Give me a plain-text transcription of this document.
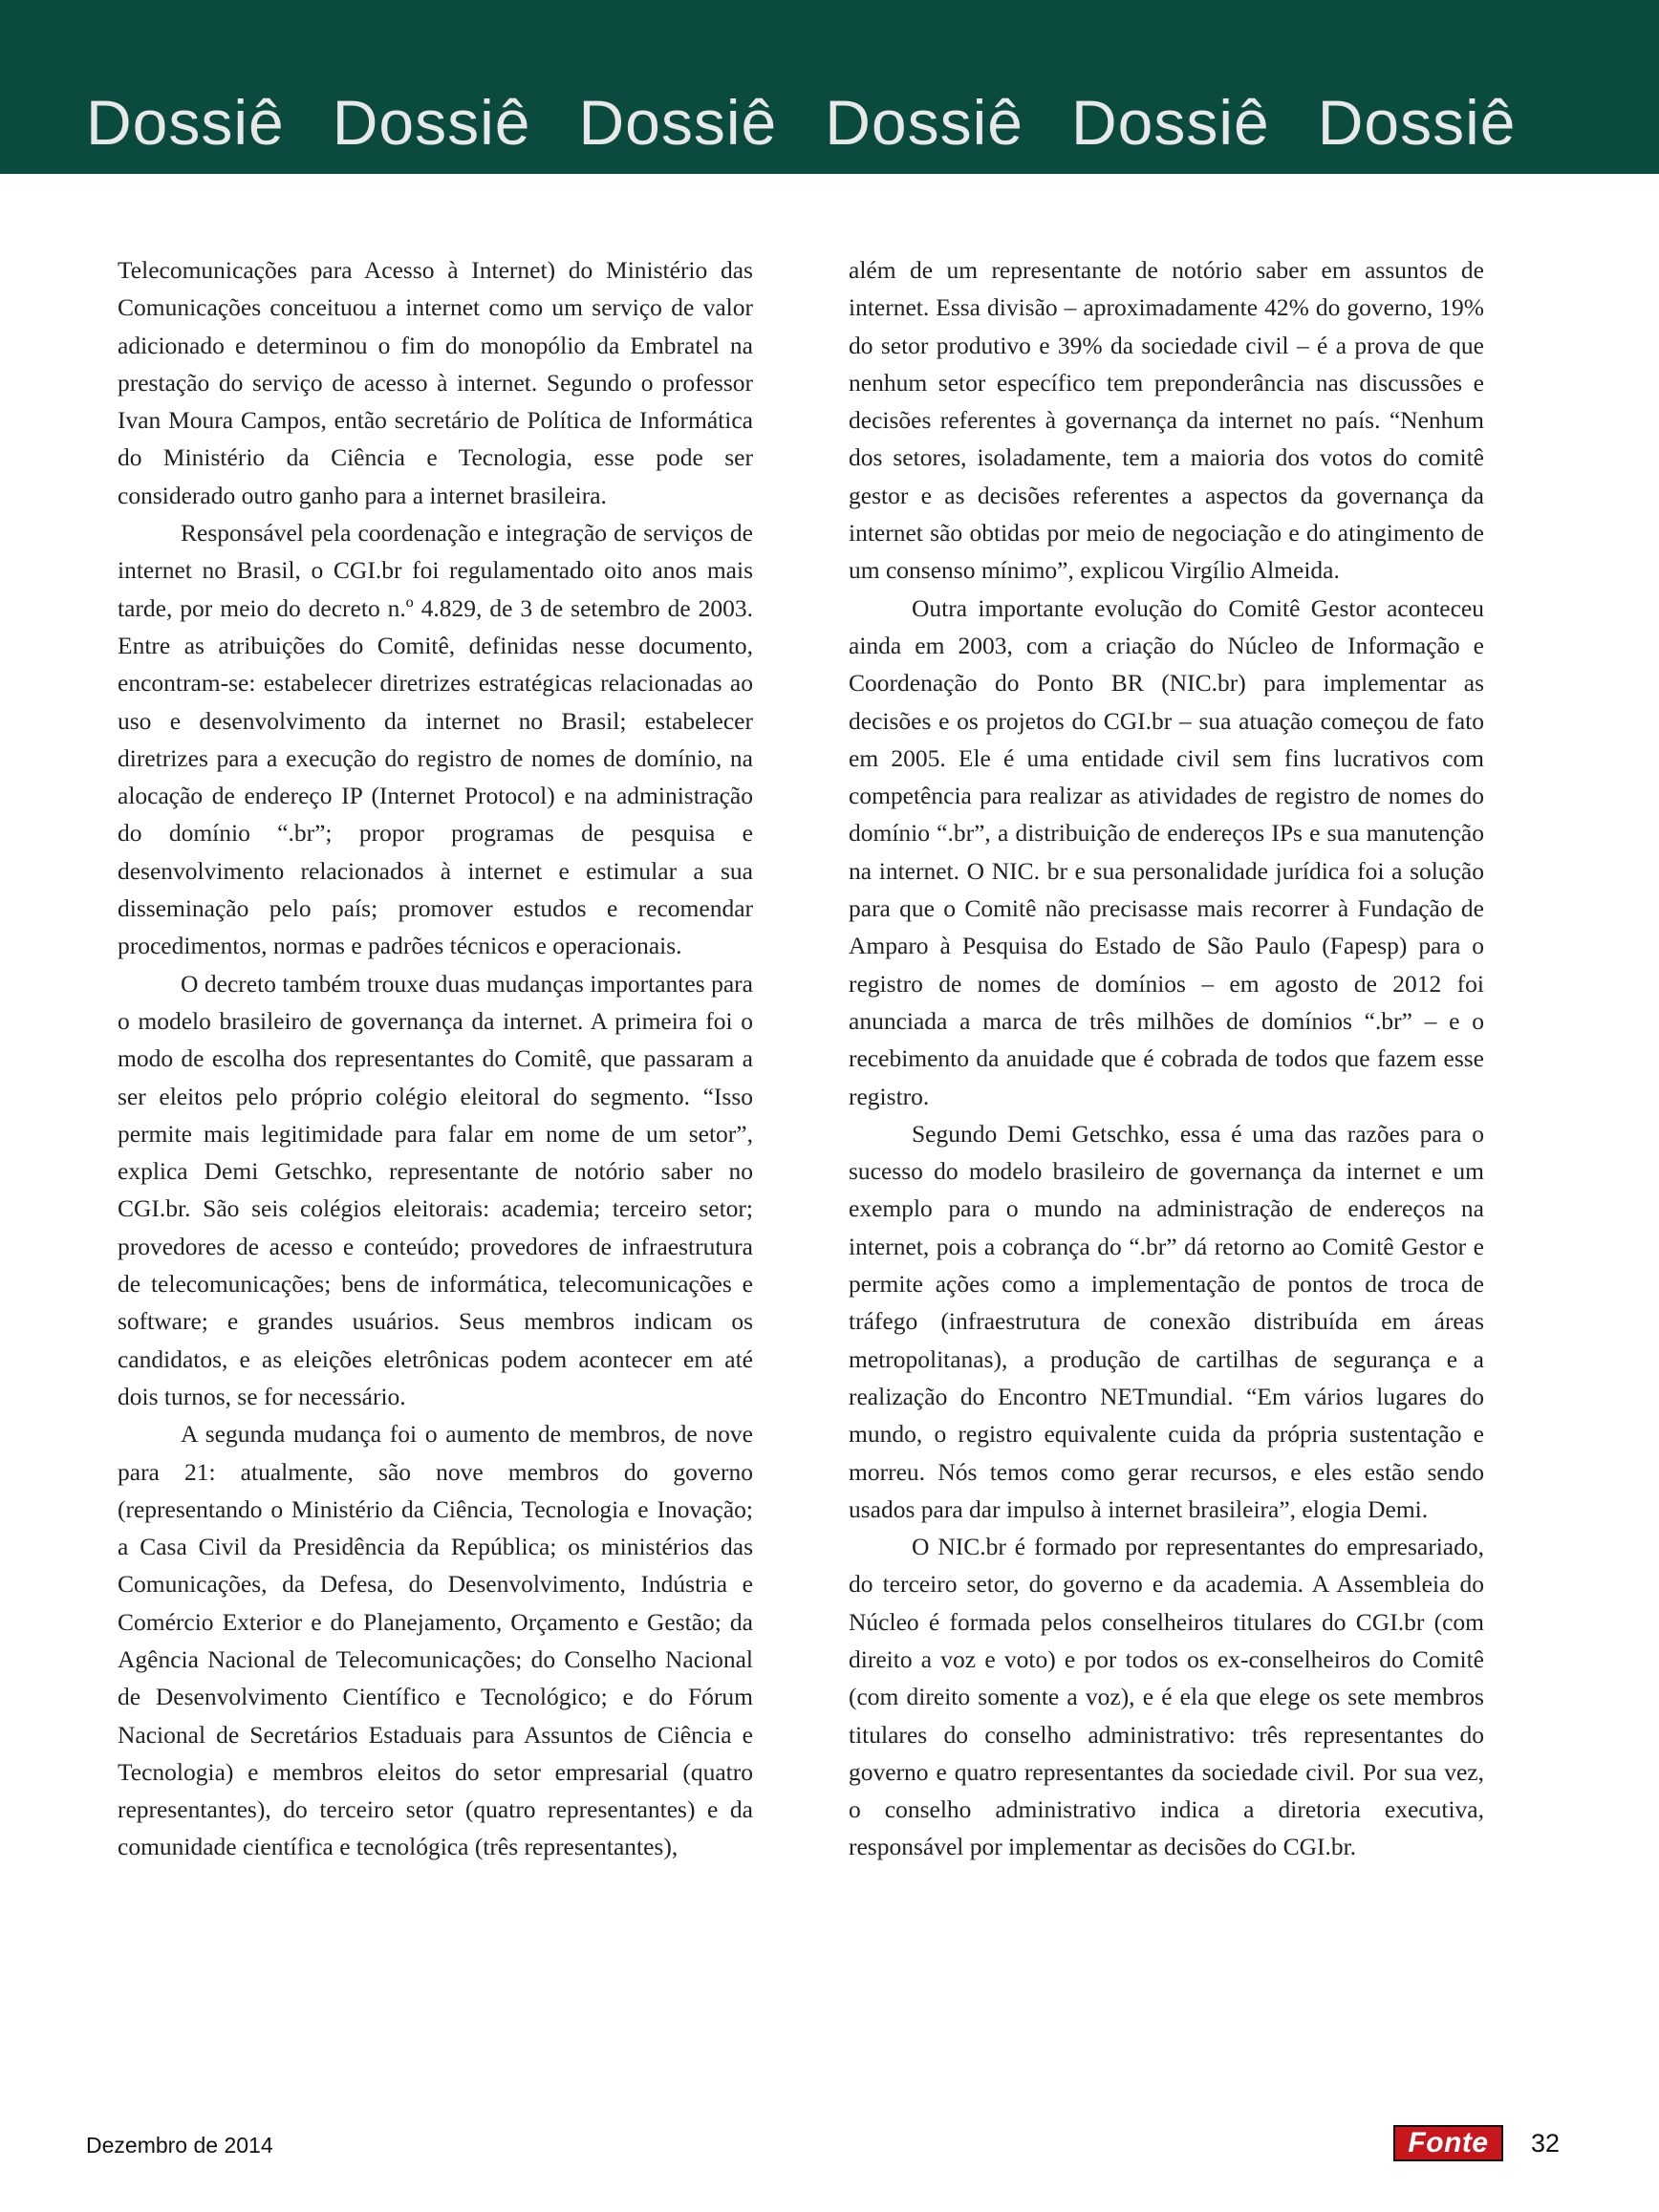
Dossiê Dossiê Dossiê Dossiê Dossiê Dossiê

Telecomunicações para Acesso à Internet) do Ministério das Comunicações conceituou a internet como um serviço de valor adicionado e determinou o fim do monopólio da Embratel na prestação do serviço de acesso à internet. Segundo o professor Ivan Moura Campos, então secretário de Política de Informática do Ministério da Ciência e Tecnologia, esse pode ser considerado outro ganho para a internet brasileira.

Responsável pela coordenação e integração de serviços de internet no Brasil, o CGI.br foi regulamentado oito anos mais tarde, por meio do decreto n.º 4.829, de 3 de setembro de 2003. Entre as atribuições do Comitê, definidas nesse documento, encontram-se: estabelecer diretrizes estratégicas relacionadas ao uso e desenvolvimento da internet no Brasil; estabelecer diretrizes para a execução do registro de nomes de domínio, na alocação de endereço IP (Internet Protocol) e na administração do domínio “.br”; propor programas de pesquisa e desenvolvimento relacionados à internet e estimular a sua disseminação pelo país; promover estudos e recomendar procedimentos, normas e padrões técnicos e operacionais.

O decreto também trouxe duas mudanças importantes para o modelo brasileiro de governança da internet. A primeira foi o modo de escolha dos representantes do Comitê, que passaram a ser eleitos pelo próprio colégio eleitoral do segmento. “Isso permite mais legitimidade para falar em nome de um setor”, explica Demi Getschko, representante de notório saber no CGI.br. São seis colégios eleitorais: academia; terceiro setor; provedores de acesso e conteúdo; provedores de infraestrutura de telecomunicações; bens de informática, telecomunicações e software; e grandes usuários. Seus membros indicam os candidatos, e as eleições eletrônicas podem acontecer em até dois turnos, se for necessário.

A segunda mudança foi o aumento de membros, de nove para 21: atualmente, são nove membros do governo (representando o Ministério da Ciência, Tecnologia e Inovação; a Casa Civil da Presidência da República; os ministérios das Comunicações, da Defesa, do Desenvolvimento, Indústria e Comércio Exterior e do Planejamento, Orçamento e Gestão; da Agência Nacional de Telecomunicações; do Conselho Nacional de Desenvolvimento Científico e Tecnológico; e do Fórum Nacional de Secretários Estaduais para Assuntos de Ciência e Tecnologia) e membros eleitos do setor empresarial (quatro representantes), do terceiro setor (quatro representantes) e da comunidade científica e tecnológica (três representantes),

além de um representante de notório saber em assuntos de internet. Essa divisão – aproximadamente 42% do governo, 19% do setor produtivo e 39% da sociedade civil – é a prova de que nenhum setor específico tem preponderância nas discussões e decisões referentes à governança da internet no país. “Nenhum dos setores, isoladamente, tem a maioria dos votos do comitê gestor e as decisões referentes a aspectos da governança da internet são obtidas por meio de negociação e do atingimento de um consenso mínimo”, explicou Virgílio Almeida.

Outra importante evolução do Comitê Gestor aconteceu ainda em 2003, com a criação do Núcleo de Informação e Coordenação do Ponto BR (NIC.br) para implementar as decisões e os projetos do CGI.br – sua atuação começou de fato em 2005. Ele é uma entidade civil sem fins lucrativos com competência para realizar as atividades de registro de nomes do domínio “.br”, a distribuição de endereços IPs e sua manutenção na internet. O NIC. br e sua personalidade jurídica foi a solução para que o Comitê não precisasse mais recorrer à Fundação de Amparo à Pesquisa do Estado de São Paulo (Fapesp) para o registro de nomes de domínios – em agosto de 2012 foi anunciada a marca de três milhões de domínios “.br” – e o recebimento da anuidade que é cobrada de todos que fazem esse registro.

Segundo Demi Getschko, essa é uma das razões para o sucesso do modelo brasileiro de governança da internet e um exemplo para o mundo na administração de endereços na internet, pois a cobrança do “.br” dá retorno ao Comitê Gestor e permite ações como a implementação de pontos de troca de tráfego (infraestrutura de conexão distribuída em áreas metropolitanas), a produção de cartilhas de segurança e a realização do Encontro NETmundial. “Em vários lugares do mundo, o registro equivalente cuida da própria sustentação e morreu. Nós temos como gerar recursos, e eles estão sendo usados para dar impulso à internet brasileira”, elogia Demi.

O NIC.br é formado por representantes do empresariado, do terceiro setor, do governo e da academia. A Assembleia do Núcleo é formada pelos conselheiros titulares do CGI.br (com direito a voz e voto) e por todos os ex-conselheiros do Comitê (com direito somente a voz), e é ela que elege os sete membros titulares do conselho administrativo: três representantes do governo e quatro representantes da sociedade civil. Por sua vez, o conselho administrativo indica a diretoria executiva, responsável por implementar as decisões do CGI.br.

Dezembro de 2014	Fonte	32
